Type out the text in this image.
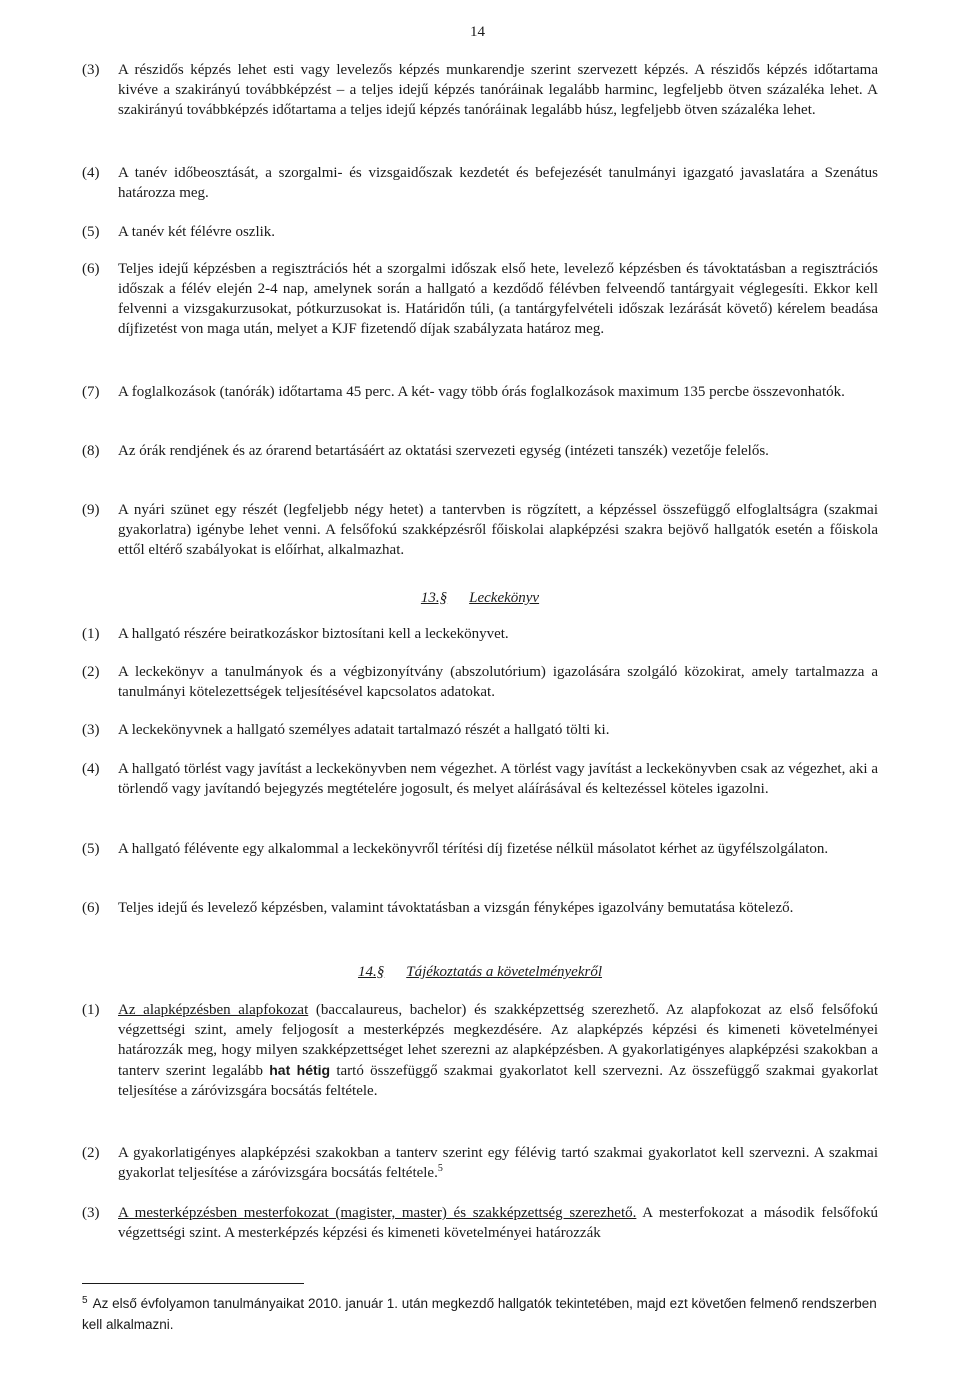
14
(3)	A részidős képzés lehet esti vagy levelezős képzés munkarendje szerint szervezett képzés. A részidős képzés időtartama kivéve a szakirányú továbbképzést – a teljes idejű képzés tanóráinak legalább harminc, legfeljebb ötven százaléka lehet. A szakirányú továbbképzés időtartama a teljes idejű képzés tanóráinak legalább húsz, legfeljebb ötven százaléka lehet.
(4)	A tanév időbeosztását, a szorgalmi- és vizsgaidőszak kezdetét és befejezését tanulmányi igazgató javaslatára a Szenátus határozza meg.
(5)	A tanév két félévre oszlik.
(6)	Teljes idejű képzésben a regisztrációs hét a szorgalmi időszak első hete, levelező képzésben és távoktatásban a regisztrációs időszak a félév elején 2-4 nap, amelynek során a hallgató a kezdődő félévben felveendő tantárgyait véglegesíti. Ekkor kell felvenni a vizsgakurzusokat, pótkurzusokat is. Határidőn túli, (a tantárgyfelvételi időszak lezárását követő) kérelem beadása díjfizetést von maga után, melyet a KJF fizetendő díjak szabályzata határoz meg.
(7)	A foglalkozások (tanórák) időtartama 45 perc. A két- vagy több órás foglalkozások maximum 135 percbe összevonhatók.
(8)	Az órák rendjének és az órarend betartásáért az oktatási szervezeti egység (intézeti tanszék) vezetője felelős.
(9)	A nyári szünet egy részét (legfeljebb négy hetet) a tantervben is rögzített, a képzéssel összefüggő elfoglaltságra (szakmai gyakorlatra) igénybe lehet venni. A felsőfokú szakképzésről főiskolai alapképzési szakra bejövő hallgatók esetén a főiskola ettől eltérő szabályokat is előírhat, alkalmazhat.
13.§ Leckekönyv
(1)	A hallgató részére beiratkozáskor biztosítani kell a leckekönyvet.
(2)	A leckekönyv a tanulmányok és a végbizonyítvány (abszolutórium) igazolására szolgáló közokirat, amely tartalmazza a tanulmányi kötelezettségek teljesítésével kapcsolatos adatokat.
(3)	A leckekönyvnek a hallgató személyes adatait tartalmazó részét a hallgató tölti ki.
(4)	A hallgató törlést vagy javítást a leckekönyvben nem végezhet. A törlést vagy javítást a leckekönyvben csak az végezhet, aki a törlendő vagy javítandó bejegyzés megtételére jogosult, és melyet aláírásával és keltezéssel köteles igazolni.
(5)	A hallgató félévente egy alkalommal a leckekönyvről térítési díj fizetése nélkül másolatot kérhet az ügyfélszolgálaton.
(6)	Teljes idejű és levelező képzésben, valamint távoktatásban a vizsgán fényképes igazolvány bemutatása kötelező.
14.§ Tájékoztatás a követelményekről
(1)	Az alapképzésben alapfokozat (baccalaureus, bachelor) és szakképzettség szerezhető. Az alapfokozat az első felsőfokú végzettségi szint, amely feljogosít a mesterképzés megkezdésére. Az alapképzés képzési és kimeneti követelményei határozzák meg, hogy milyen szakképzettséget lehet szerezni az alapképzésben. A gyakorlatigényes alapképzési szakokban a tanterv szerint legalább hat hétig tartó összefüggő szakmai gyakorlatot kell szervezni. Az összefüggő szakmai gyakorlat teljesítése a záróvizsgára bocsátás feltétele.
(2)	A gyakorlatigényes alapképzési szakokban a tanterv szerint egy félévig tartó szakmai gyakorlatot kell szervezni. A szakmai gyakorlat teljesítése a záróvizsgára bocsátás feltétele.$^5$
(3)	A mesterképzésben mesterfokozat (magister, master) és szakképzettség szerezhető. A mesterfokozat a második felsőfokú végzettségi szint. A mesterképzés képzési és kimeneti követelményei határozzák
$^5$ Az első évfolyamon tanulmányaikat 2010. január 1. után megkezdő hallgatók tekintetében, majd ezt követően felmenő rendszerben kell alkalmazni.
